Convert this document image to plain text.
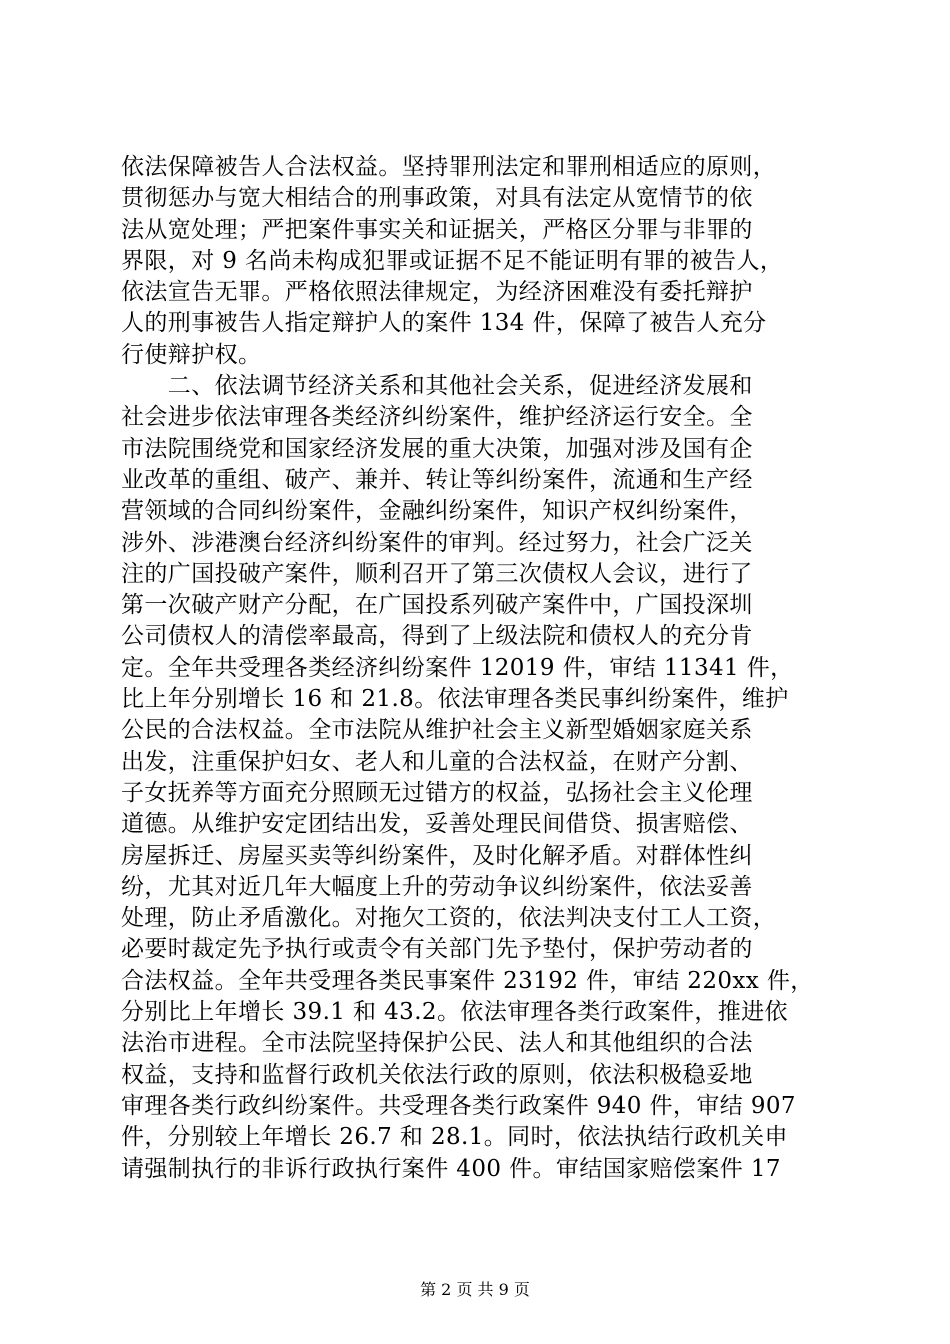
依法保障被告人合法权益。坚持罪刑法定和罪刑相适应的原则，
贯彻惩办与宽大相结合的刑事政策，对具有法定从宽情节的依
法从宽处理；严把案件事实关和证据关，严格区分罪与非罪的
界限，对 9 名尚未构成犯罪或证据不足不能证明有罪的被告人，
依法宣告无罪。严格依照法律规定，为经济困难没有委托辩护
人的刑事被告人指定辩护人的案件 134 件，保障了被告人充分
行使辩护权。
　　二、依法调节经济关系和其他社会关系，促进经济发展和
社会进步依法审理各类经济纠纷案件，维护经济运行安全。全
市法院围绕党和国家经济发展的重大决策，加强对涉及国有企
业改革的重组、破产、兼并、转让等纠纷案件，流通和生产经
营领域的合同纠纷案件，金融纠纷案件，知识产权纠纷案件，
涉外、涉港澳台经济纠纷案件的审判。经过努力，社会广泛关
注的广国投破产案件，顺利召开了第三次债权人会议，进行了
第一次破产财产分配，在广国投系列破产案件中，广国投深圳
公司债权人的清偿率最高，得到了上级法院和债权人的充分肯
定。全年共受理各类经济纠纷案件 12019 件，审结 11341 件，
比上年分别增长 16 和 21.8。依法审理各类民事纠纷案件，维护
公民的合法权益。全市法院从维护社会主义新型婚姻家庭关系
出发，注重保护妇女、老人和儿童的合法权益，在财产分割、
子女抚养等方面充分照顾无过错方的权益，弘扬社会主义伦理
道德。从维护安定团结出发，妥善处理民间借贷、损害赔偿、
房屋拆迁、房屋买卖等纠纷案件，及时化解矛盾。对群体性纠
纷，尤其对近几年大幅度上升的劳动争议纠纷案件，依法妥善
处理，防止矛盾激化。对拖欠工资的，依法判决支付工人工资，
必要时裁定先予执行或责令有关部门先予垫付，保护劳动者的
合法权益。全年共受理各类民事案件 23192 件，审结 220xx 件，
分别比上年增长 39.1 和 43.2。依法审理各类行政案件，推进依
法治市进程。全市法院坚持保护公民、法人和其他组织的合法
权益，支持和监督行政机关依法行政的原则，依法积极稳妥地
审理各类行政纠纷案件。共受理各类行政案件 940 件，审结 907
件，分别较上年增长 26.7 和 28.1。同时，依法执结行政机关申
请强制执行的非诉行政执行案件 400 件。审结国家赔偿案件 17
第 2 页 共 9 页
